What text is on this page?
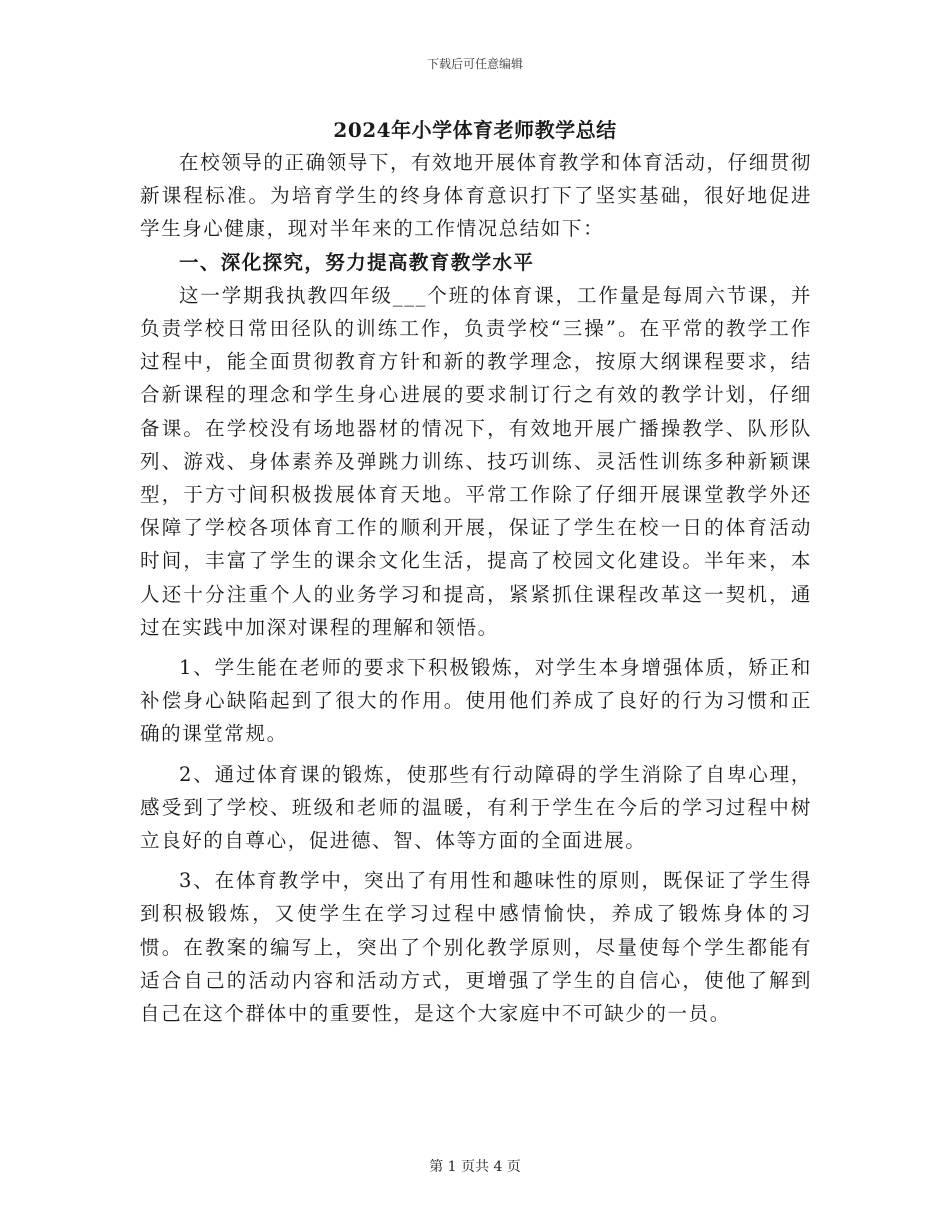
下载后可任意编辑
2024年小学体育老师教学总结

在校领导的正确领导下，有效地开展体育教学和体育活动，仔细贯彻新课程标准。为培育学生的终身体育意识打下了坚实基础，很好地促进学生身心健康，现对半年来的工作情况总结如下：

一、深化探究，努力提高教育教学水平

这一学期我执教四年级___个班的体育课，工作量是每周六节课，并负责学校日常田径队的训练工作，负责学校“三操”。在平常的教学工作过程中，能全面贯彻教育方针和新的教学理念，按原大纲课程要求，结合新课程的理念和学生身心进展的要求制订行之有效的教学计划，仔细备课。在学校没有场地器材的情况下，有效地开展广播操教学、队形队列、游戏、身体素养及弹跳力训练、技巧训练、灵活性训练多种新颖课型，于方寸间积极拨展体育天地。平常工作除了仔细开展课堂教学外还保障了学校各项体育工作的顺利开展，保证了学生在校一日的体育活动时间，丰富了学生的课余文化生活，提高了校园文化建设。半年来，本人还十分注重个人的业务学习和提高，紧紧抓住课程改革这一契机，通过在实践中加深对课程的理解和领悟。

1、学生能在老师的要求下积极锻炼，对学生本身增强体质，矫正和补偿身心缺陷起到了很大的作用。使用他们养成了良好的行为习惯和正确的课堂常规。

2、通过体育课的锻炼，使那些有行动障碍的学生消除了自卑心理，感受到了学校、班级和老师的温暖，有利于学生在今后的学习过程中树立良好的自尊心，促进德、智、体等方面的全面进展。

3、在体育教学中，突出了有用性和趣味性的原则，既保证了学生得到积极锻炼，又使学生在学习过程中感情愉快，养成了锻炼身体的习惯。在教案的编写上，突出了个别化教学原则，尽量使每个学生都能有适合自己的活动内容和活动方式，更增强了学生的自信心，使他了解到自己在这个群体中的重要性，是这个大家庭中不可缺少的一员。

第 1 页共 4 页
